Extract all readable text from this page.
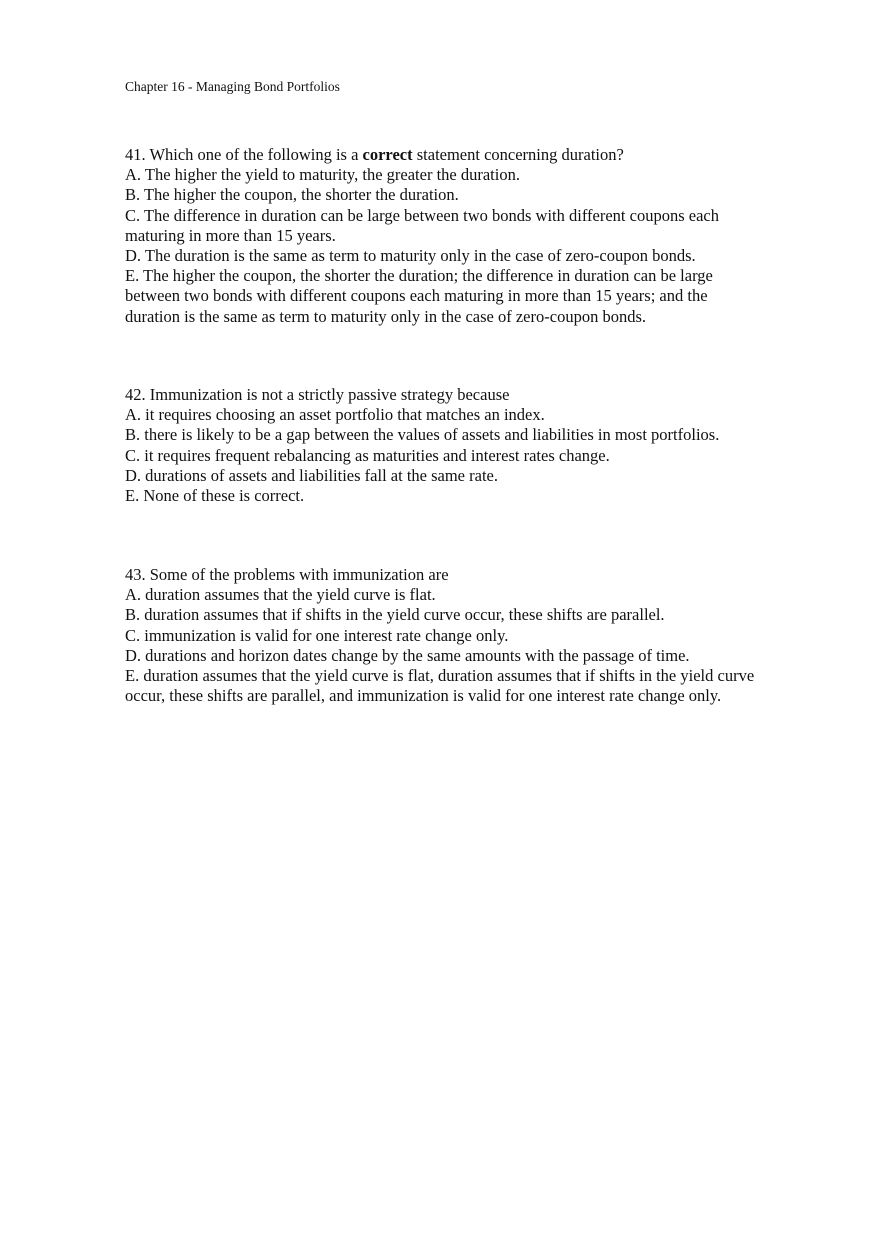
Chapter 16 - Managing Bond Portfolios
41. Which one of the following is a correct statement concerning duration?
A. The higher the yield to maturity, the greater the duration.
B. The higher the coupon, the shorter the duration.
C. The difference in duration can be large between two bonds with different coupons each maturing in more than 15 years.
D. The duration is the same as term to maturity only in the case of zero-coupon bonds.
E. The higher the coupon, the shorter the duration; the difference in duration can be large between two bonds with different coupons each maturing in more than 15 years; and the duration is the same as term to maturity only in the case of zero-coupon bonds.
42. Immunization is not a strictly passive strategy because
A. it requires choosing an asset portfolio that matches an index.
B. there is likely to be a gap between the values of assets and liabilities in most portfolios.
C. it requires frequent rebalancing as maturities and interest rates change.
D. durations of assets and liabilities fall at the same rate.
E. None of these is correct.
43. Some of the problems with immunization are
A. duration assumes that the yield curve is flat.
B. duration assumes that if shifts in the yield curve occur, these shifts are parallel.
C. immunization is valid for one interest rate change only.
D. durations and horizon dates change by the same amounts with the passage of time.
E. duration assumes that the yield curve is flat, duration assumes that if shifts in the yield curve occur, these shifts are parallel, and immunization is valid for one interest rate change only.
